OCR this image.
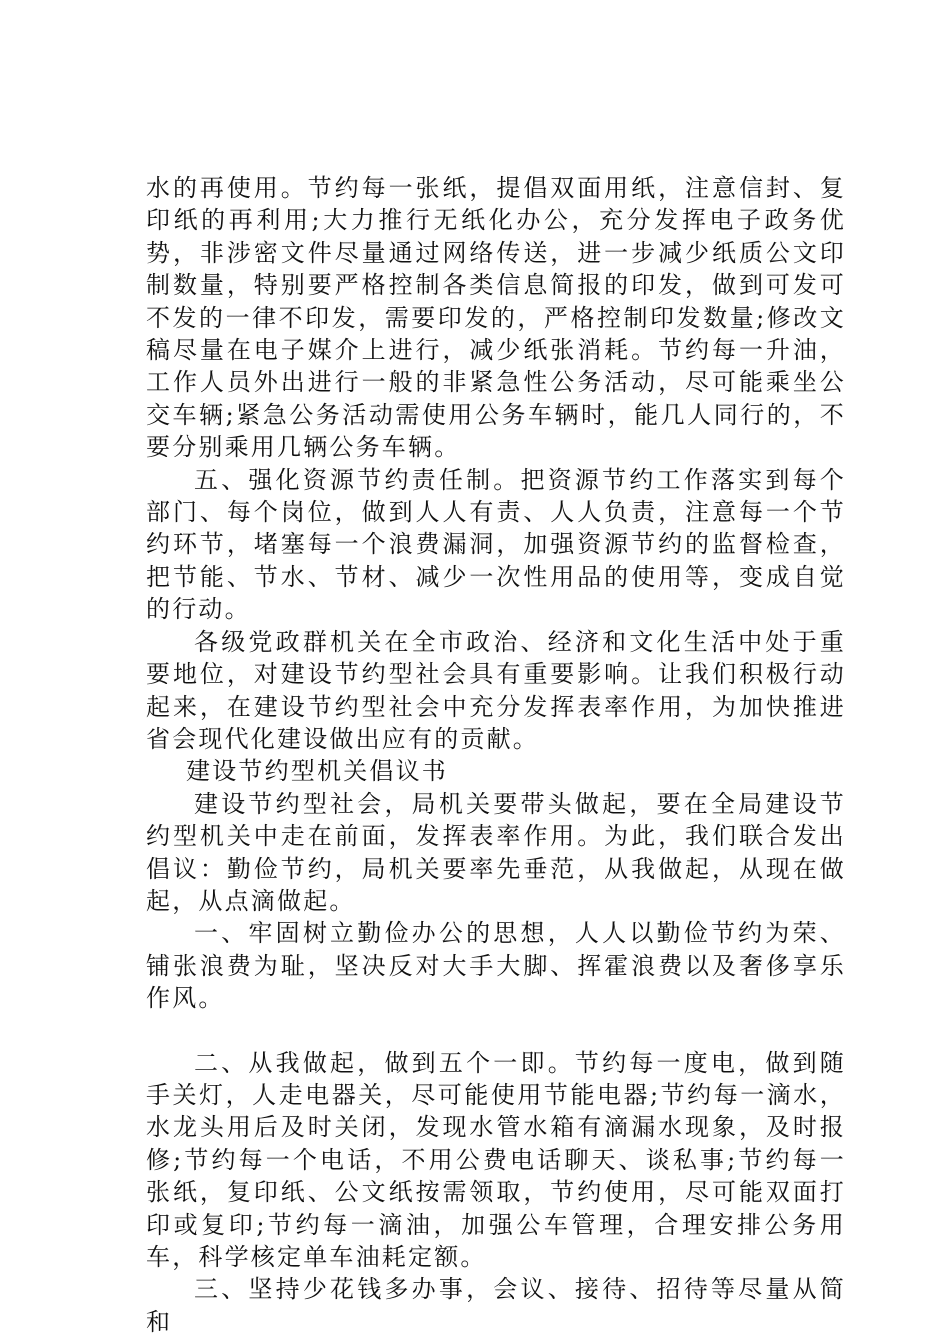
水的再使用。节约每一张纸，提倡双面用纸，注意信封、复印纸的再利用;大力推行无纸化办公，充分发挥电子政务优势，非涉密文件尽量通过网络传送，进一步减少纸质公文印制数量，特别要严格控制各类信息简报的印发，做到可发可不发的一律不印发，需要印发的，严格控制印发数量;修改文稿尽量在电子媒介上进行，减少纸张消耗。节约每一升油，工作人员外出进行一般的非紧急性公务活动，尽可能乘坐公交车辆;紧急公务活动需使用公务车辆时，能几人同行的，不要分别乘用几辆公务车辆。

五、强化资源节约责任制。把资源节约工作落实到每个部门、每个岗位，做到人人有责、人人负责，注意每一个节约环节，堵塞每一个浪费漏洞，加强资源节约的监督检查，把节能、节水、节材、减少一次性用品的使用等，变成自觉的行动。

各级党政群机关在全市政治、经济和文化生活中处于重要地位，对建设节约型社会具有重要影响。让我们积极行动起来，在建设节约型社会中充分发挥表率作用，为加快推进省会现代化建设做出应有的贡献。

建设节约型机关倡议书

建设节约型社会，局机关要带头做起，要在全局建设节约型机关中走在前面，发挥表率作用。为此，我们联合发出倡议：勤俭节约，局机关要率先垂范，从我做起，从现在做起，从点滴做起。

一、牢固树立勤俭办公的思想，人人以勤俭节约为荣、铺张浪费为耻，坚决反对大手大脚、挥霍浪费以及奢侈享乐作风。

二、从我做起，做到五个一即。节约每一度电，做到随手关灯，人走电器关，尽可能使用节能电器;节约每一滴水，水龙头用后及时关闭，发现水管水箱有滴漏水现象，及时报修;节约每一个电话，不用公费电话聊天、谈私事;节约每一张纸，复印纸、公文纸按需领取，节约使用，尽可能双面打印或复印;节约每一滴油，加强公车管理，合理安排公务用车，科学核定单车油耗定额。

三、坚持少花钱多办事，会议、接待、招待等尽量从简和
